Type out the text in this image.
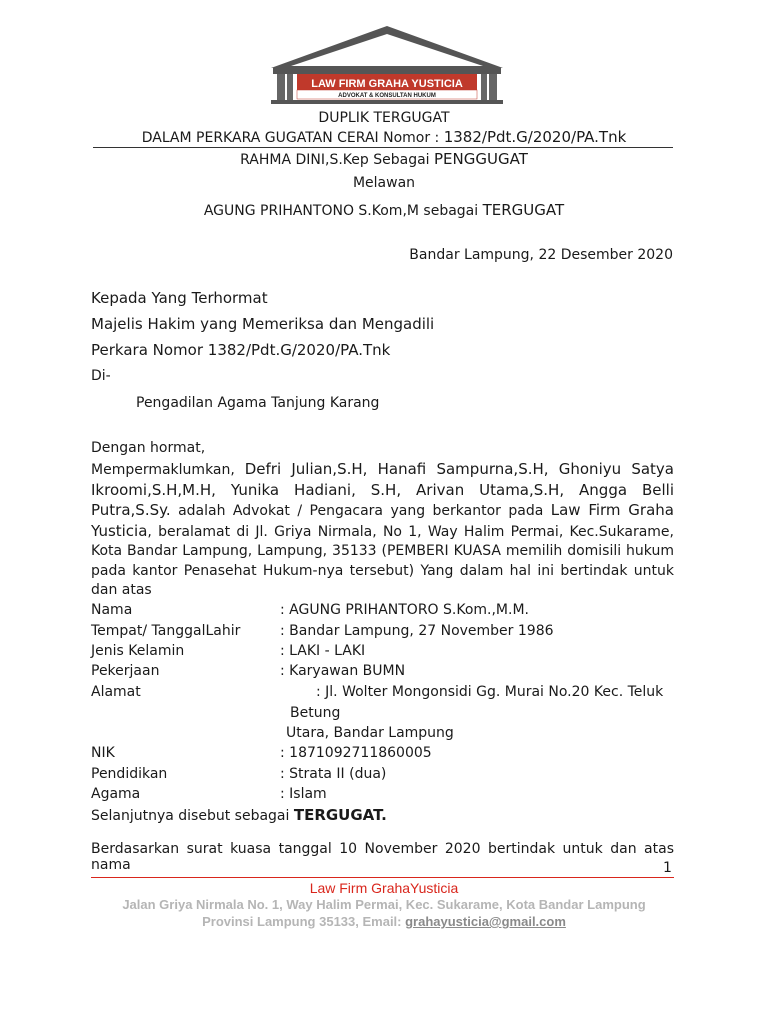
LAW FIRM GRAHA YUSTICIA
ADVOKAT & KONSULTAN HUKUM
DUPLIK TERGUGAT
DALAM PERKARA GUGATAN CERAI Nomor : 1382/Pdt.G/2020/PA.Tnk
RAHMA DINI,S.Kep Sebagai PENGGUGAT
Melawan
AGUNG PRIHANTONO S.Kom,M sebagai TERGUGAT
Bandar Lampung, 22 Desember 2020
Kepada Yang Terhormat
Majelis Hakim yang Memeriksa dan Mengadili
Perkara Nomor 1382/Pdt.G/2020/PA.Tnk
Di-
Pengadilan Agama Tanjung Karang
Dengan hormat,
Mempermaklumkan, Defri Julian,S.H, Hanafi Sampurna,S.H, Ghoniyu Satya Ikroomi,S.H,M.H, Yunika Hadiani, S.H, Arivan Utama,S.H, Angga Belli Putra,S.Sy. adalah Advokat / Pengacara yang berkantor pada Law Firm Graha Yusticia, beralamat di Jl. Griya Nirmala, No 1, Way Halim Permai, Kec.Sukarame, Kota Bandar Lampung, Lampung, 35133 (PEMBERI KUASA memilih domisili hukum pada kantor Penasehat Hukum-nya tersebut) Yang dalam hal ini bertindak untuk dan atas
Nama	: AGUNG PRIHANTORO S.Kom.,M.M.
Tempat/ TanggalLahir	: Bandar Lampung, 27 November 1986
Jenis Kelamin	: LAKI - LAKI
Pekerjaan	: Karyawan BUMN
Alamat	: Jl. Wolter Mongonsidi Gg. Murai No.20 Kec. Teluk
Betung
Utara, Bandar Lampung
NIK	: 1871092711860005
Pendidikan	: Strata II (dua)
Agama	: Islam
Selanjutnya disebut sebagai TERGUGAT.
Berdasarkan surat kuasa tanggal 10 November 2020 bertindak untuk dan atas nama	1
Law Firm GrahaYusticia
Jalan Griya Nirmala No. 1, Way Halim Permai, Kec. Sukarame, Kota Bandar Lampung
Provinsi Lampung 35133, Email: grahayusticia@gmail.com
